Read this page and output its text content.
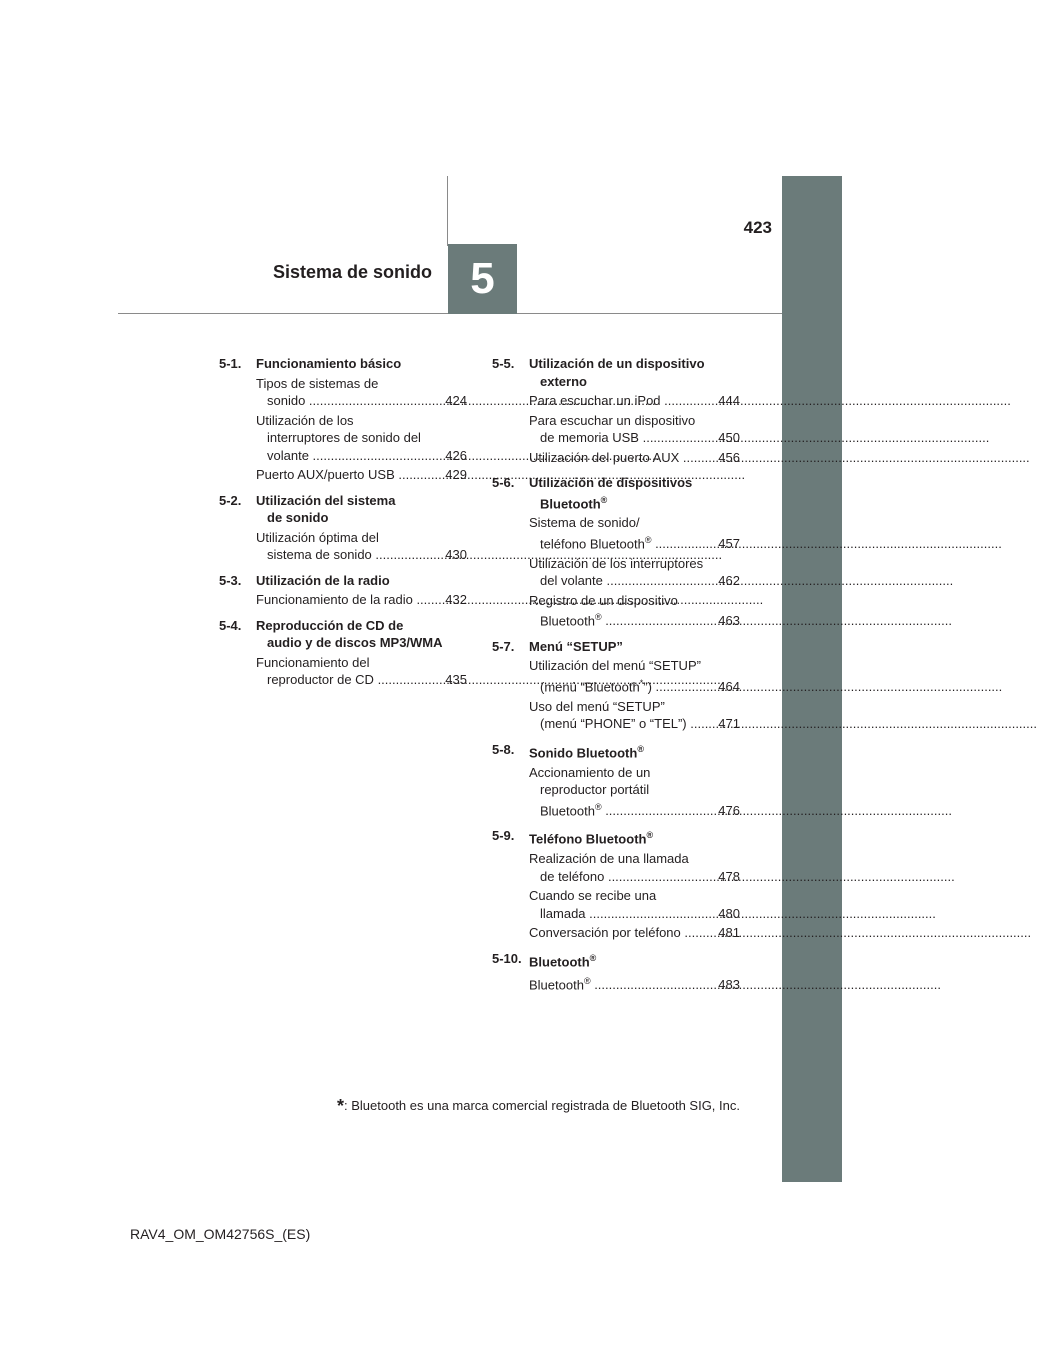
423
Sistema de sonido 5
5-1.	Funcionamiento básico
Tipos de sistemas de
sonido .....	424
Utilización de los
interruptores de sonido del
volante .....	426
Puerto AUX/puerto USB .....	429
5-2.	Utilización del sistema
de sonido
Utilización óptima del
sistema de sonido .....	430
5-3.	Utilización de la radio
Funcionamiento de la radio .....	432
5-4.	Reproducción de CD de
audio y de discos MP3/WMA
Funcionamiento del
reproductor de CD .....	435
5-5.	Utilización de un dispositivo
externo
Para escuchar un iPod .....	444
Para escuchar un dispositivo
de memoria USB .....	450
Utilización del puerto AUX .....	456
5-6.	Utilización de dispositivos
Bluetooth®
Sistema de sonido/
teléfono Bluetooth® .....	457
Utilización de los interruptores
del volante .....	462
Registro de un dispositivo
Bluetooth® .....	463
5-7.	Menú “SETUP”
Utilización del menú “SETUP”
(menú “Bluetooth*”) .....	464
Uso del menú “SETUP”
(menú “PHONE” o “TEL”) .....	471
5-8.	Sonido Bluetooth®
Accionamiento de un
reproductor portátil
Bluetooth® .....	476
5-9.	Teléfono Bluetooth®
Realización de una llamada
de teléfono .....	478
Cuando se recibe una
llamada .....	480
Conversación por teléfono .....	481
5-10. Bluetooth®
Bluetooth® .....	483
*: Bluetooth es una marca comercial registrada de Bluetooth SIG, Inc.
RAV4_OM_OM42756S_(ES)
